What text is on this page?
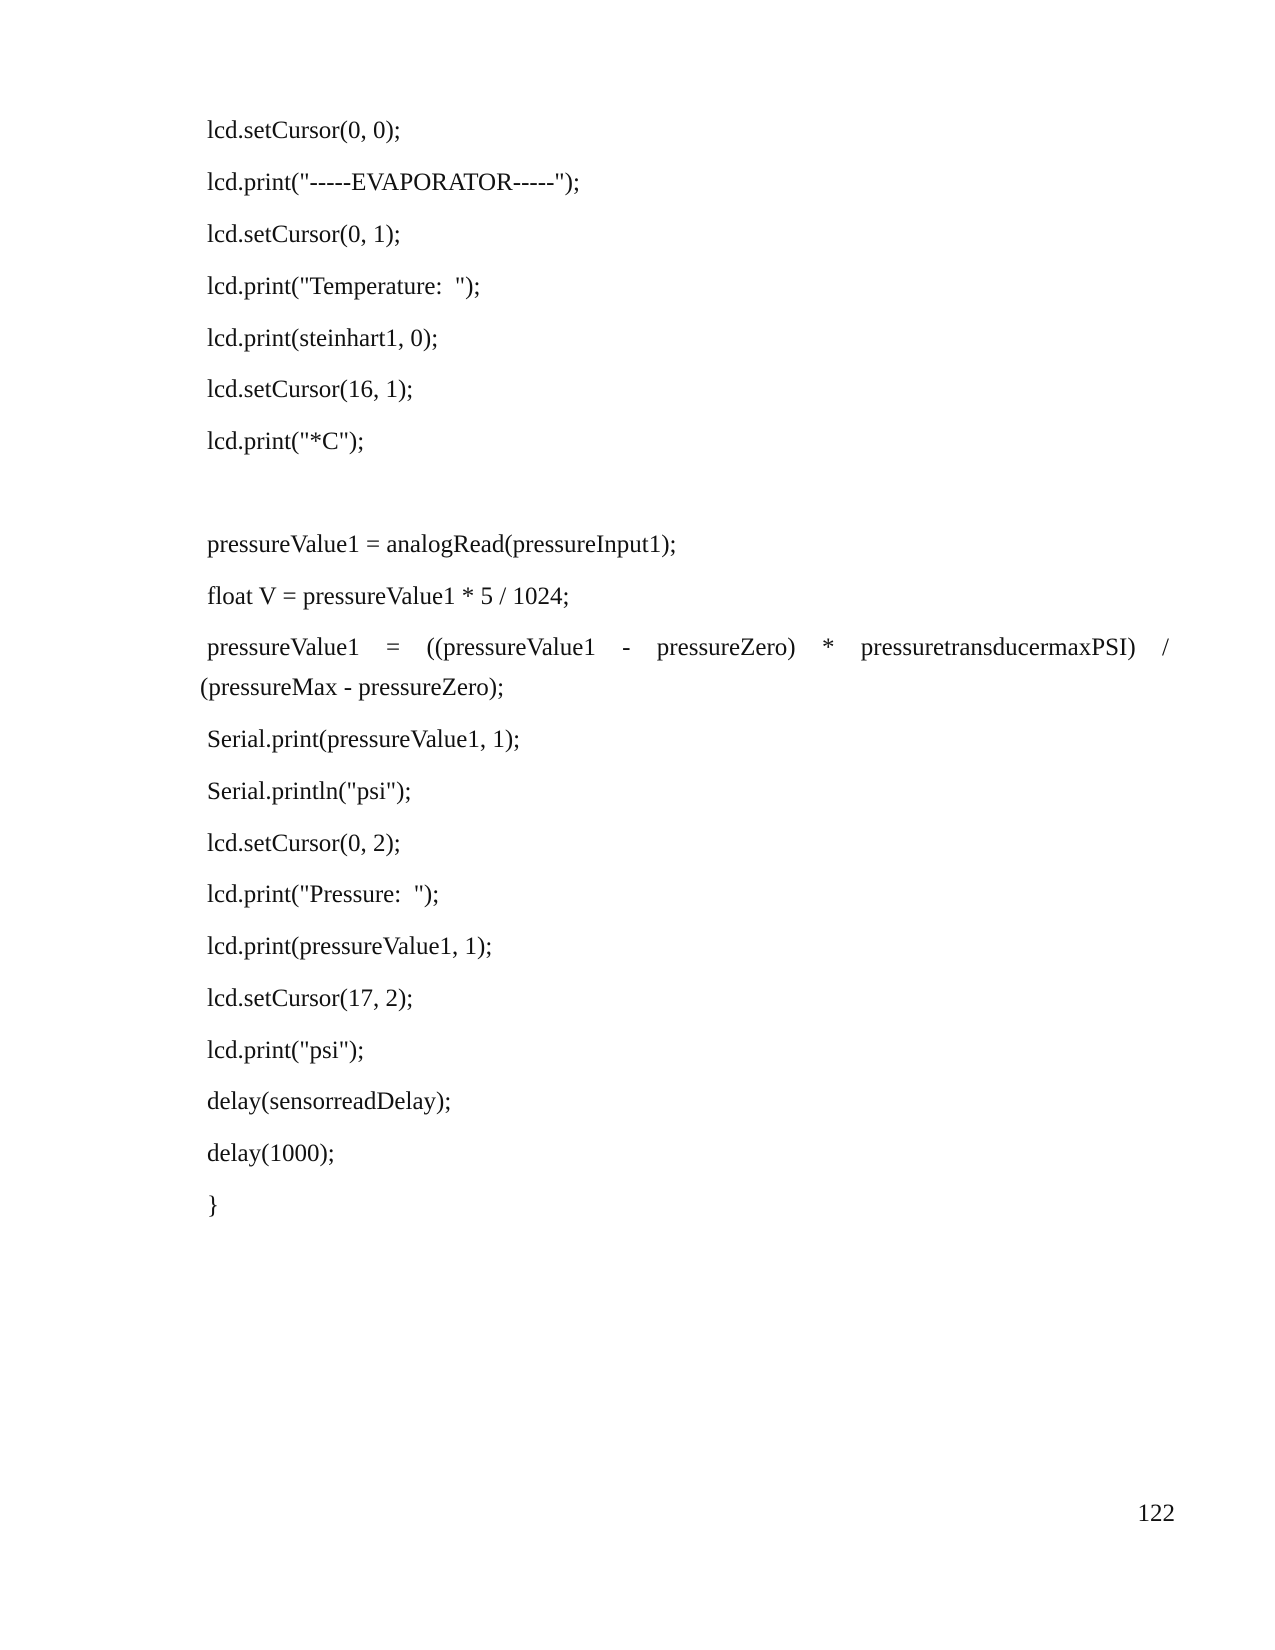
lcd.setCursor(0, 0);
lcd.print("-----EVAPORATOR-----");
lcd.setCursor(0, 1);
lcd.print("Temperature:  ");
lcd.print(steinhart1, 0);
lcd.setCursor(16, 1);
lcd.print("*C");
pressureValue1 = analogRead(pressureInput1);
float V = pressureValue1 * 5 / 1024;
pressureValue1 = ((pressureValue1 - pressureZero) * pressuretransducermaxPSI) /
(pressureMax - pressureZero);
Serial.print(pressureValue1, 1);
Serial.println("psi");
lcd.setCursor(0, 2);
lcd.print("Pressure:  ");
lcd.print(pressureValue1, 1);
lcd.setCursor(17, 2);
lcd.print("psi");
delay(sensorreadDelay);
delay(1000);
}
122
